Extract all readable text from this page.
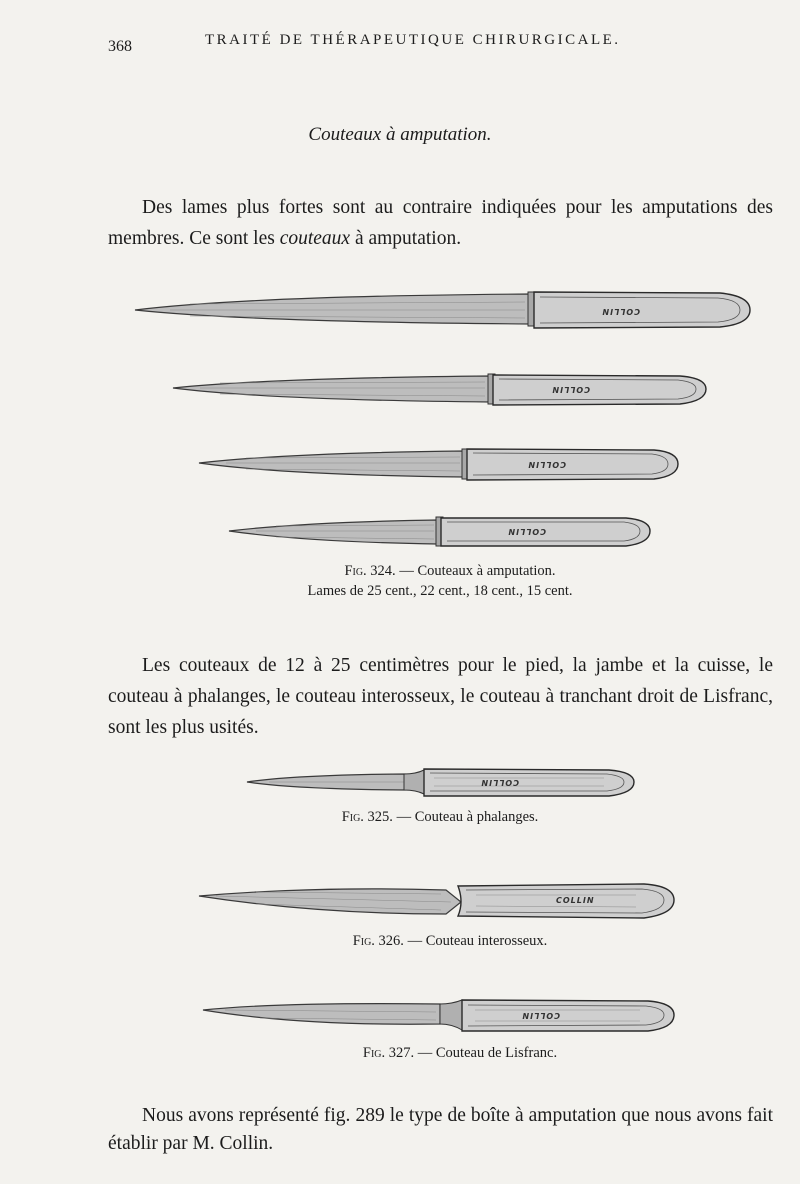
368	TRAITÉ DE THÉRAPEUTIQUE CHIRURGICALE.
Couteaux à amputation.

Des lames plus fortes sont au contraire indiquées pour les amputations des membres. Ce sont les couteaux à amputation.

COLLIN
COLLIN
COLLIN
COLLIN
Fig. 324. — Couteaux à amputation.
Lames de 25 cent., 22 cent., 18 cent., 15 cent.

Les couteaux de 12 à 25 centimètres pour le pied, la jambe et la cuisse, le couteau à phalanges, le couteau interosseux, le couteau à tranchant droit de Lisfranc, sont les plus usités.

COLLIN
Fig. 325. — Couteau à phalanges.
COLLIN
Fig. 326. — Couteau interosseux.
COLLIN
Fig. 327. — Couteau de Lisfranc.

Nous avons représenté fig. 289 le type de boîte à amputation que nous avons fait établir par M. Collin.
